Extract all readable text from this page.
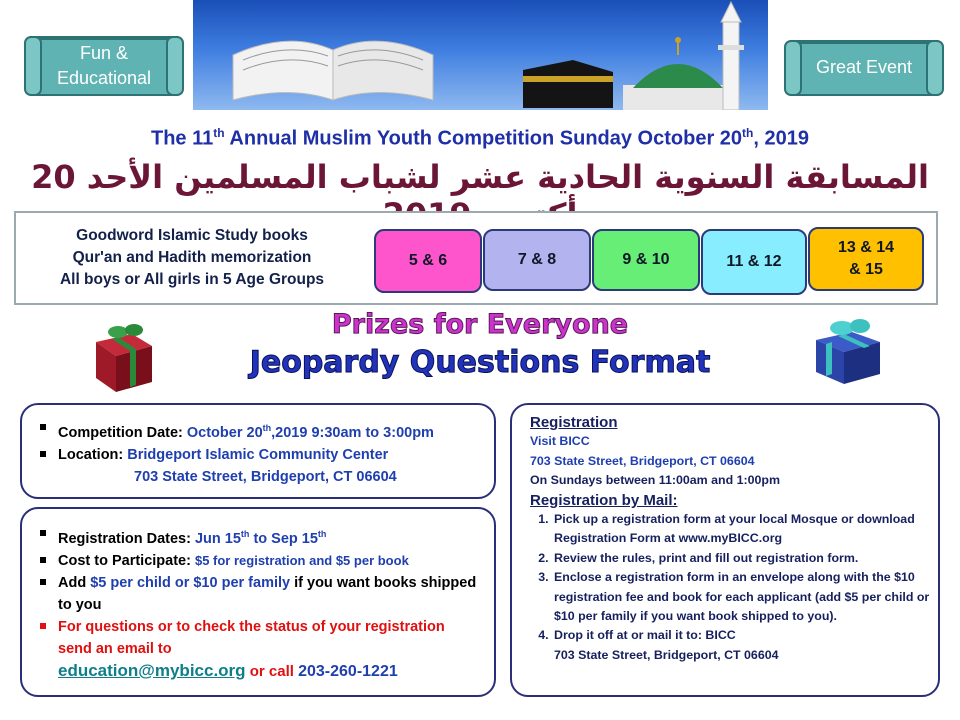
Fun &
Educational
Great Event
The 11th Annual Muslim Youth Competition Sunday October 20th, 2019
المسابقة السنوية الحادية عشر لشباب المسلمين الأحد 20
Goodword Islamic Study books
Qur'an and Hadith memorization
All boys or All girls in 5 Age Groups
5 & 6	7 & 8	9 & 10	11 & 12
13 & 14
& 15
Prizes for Everyone
Jeopardy Questions Format
Competition Date: October 20th,2019 9:30am to 3:00pm
Location: Bridgeport Islamic Community Center
703 State Street, Bridgeport, CT 06604
Registration Dates: Jun 15th to Sep 15th
Cost to Participate: $5 for registration and $5 per book
Add $5 per child or $10 per family if you want books shipped to you
For questions or to check the status of your registration send an email to
education@mybicc.org or call 203-260-1221
Registration
Visit BICC
703 State Street, Bridgeport, CT 06604
On Sundays between 11:00am and 1:00pm
Registration by Mail:
1. Pick up a registration form at your local Mosque or download Registration Form at www.myBICC.org
2. Review the rules, print and fill out registration form.
3. Enclose a registration form in an envelope along with the $10 registration fee and book for each applicant (add $5 per child or $10 per family if you want book shipped to you).
4. Drop it off at or mail it to: BICC
703 State Street, Bridgeport, CT 06604
